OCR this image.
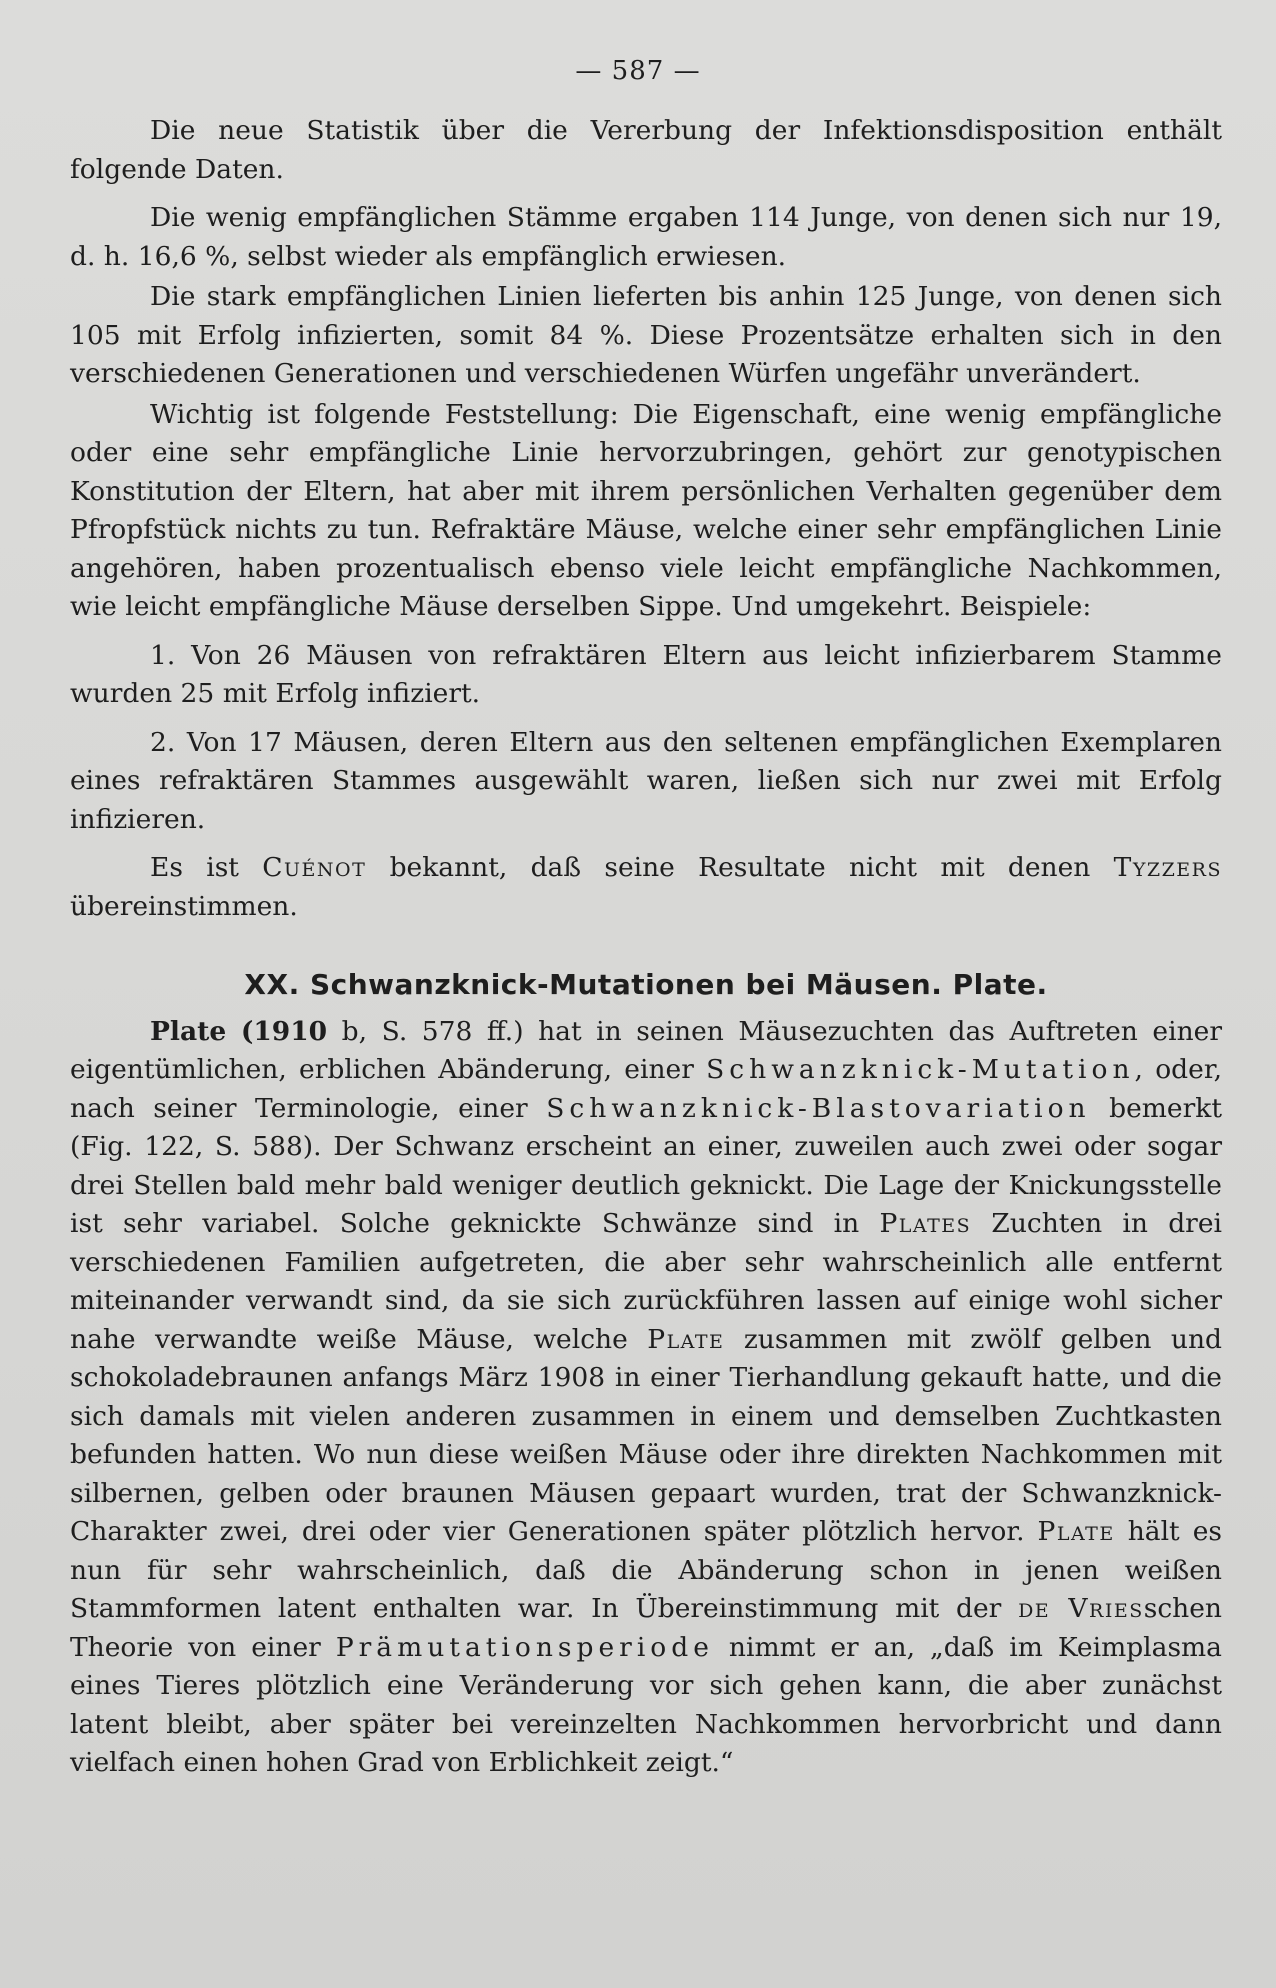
— 587 —

Die neue Statistik über die Vererbung der Infektionsdisposition enthält folgende Daten.

Die wenig empfänglichen Stämme ergaben 114 Junge, von denen sich nur 19, d. h. 16,6 %, selbst wieder als empfänglich erwiesen.

Die stark empfänglichen Linien lieferten bis anhin 125 Junge, von denen sich 105 mit Erfolg infizierten, somit 84 %. Diese Prozentsätze erhalten sich in den verschiedenen Generationen und verschiedenen Würfen ungefähr unverändert.

Wichtig ist folgende Feststellung: Die Eigenschaft, eine wenig empfängliche oder eine sehr empfängliche Linie hervorzubringen, gehört zur genotypischen Konstitution der Eltern, hat aber mit ihrem persönlichen Verhalten gegenüber dem Pfropfstück nichts zu tun. Refraktäre Mäuse, welche einer sehr empfänglichen Linie angehören, haben prozentualisch ebenso viele leicht empfängliche Nachkommen, wie leicht empfängliche Mäuse derselben Sippe. Und umgekehrt. Beispiele:

1. Von 26 Mäusen von refraktären Eltern aus leicht infizierbarem Stamme wurden 25 mit Erfolg infiziert.

2. Von 17 Mäusen, deren Eltern aus den seltenen empfänglichen Exemplaren eines refraktären Stammes ausgewählt waren, ließen sich nur zwei mit Erfolg infizieren.

Es ist Cuénot bekannt, daß seine Resultate nicht mit denen Tyzzers übereinstimmen.

XX. Schwanzknick-Mutationen bei Mäusen. Plate.

Plate (1910 b, S. 578 ff.) hat in seinen Mäusezuchten das Auftreten einer eigentümlichen, erblichen Abänderung, einer Schwanzknick-Mutation, oder, nach seiner Terminologie, einer Schwanzknick-Blastovariation bemerkt (Fig. 122, S. 588). Der Schwanz erscheint an einer, zuweilen auch zwei oder sogar drei Stellen bald mehr bald weniger deutlich geknickt. Die Lage der Knickungsstelle ist sehr variabel. Solche geknickte Schwänze sind in Plates Zuchten in drei verschiedenen Familien aufgetreten, die aber sehr wahrscheinlich alle entfernt miteinander verwandt sind, da sie sich zurückführen lassen auf einige wohl sicher nahe verwandte weiße Mäuse, welche Plate zusammen mit zwölf gelben und schokoladebraunen anfangs März 1908 in einer Tierhandlung gekauft hatte, und die sich damals mit vielen anderen zusammen in einem und demselben Zuchtkasten befunden hatten. Wo nun diese weißen Mäuse oder ihre direkten Nachkommen mit silbernen, gelben oder braunen Mäusen gepaart wurden, trat der Schwanzknick-Charakter zwei, drei oder vier Generationen später plötzlich hervor. Plate hält es nun für sehr wahrscheinlich, daß die Abänderung schon in jenen weißen Stammformen latent enthalten war. In Übereinstimmung mit der de Vriesschen Theorie von einer Prämutationsperiode nimmt er an, „daß im Keimplasma eines Tieres plötzlich eine Veränderung vor sich gehen kann, die aber zunächst latent bleibt, aber später bei vereinzelten Nachkommen hervorbricht und dann vielfach einen hohen Grad von Erblichkeit zeigt.“
